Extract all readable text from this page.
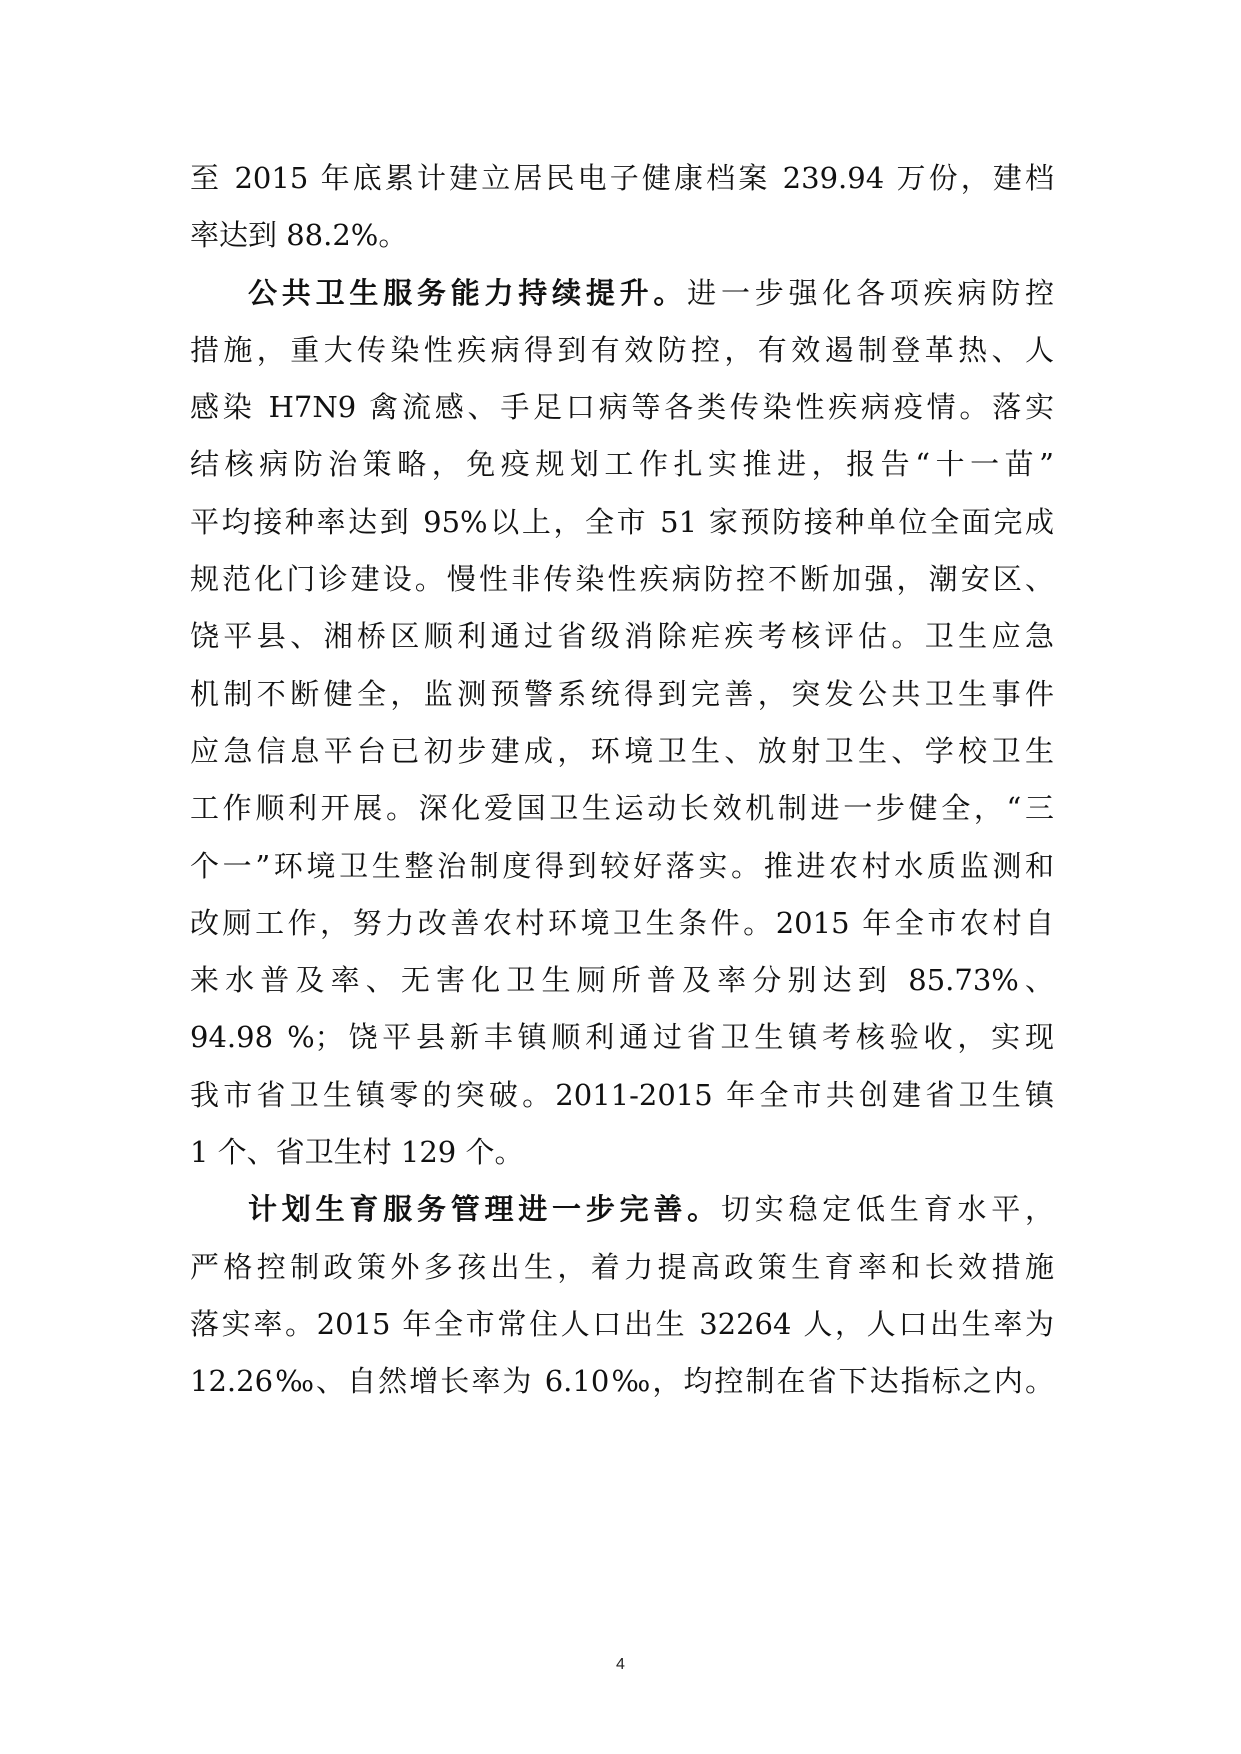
至 2015 年底累计建立居民电子健康档案 239.94 万份，建档
率达到 88.2%。
公共卫生服务能力持续提升。进一步强化各项疾病防控
措施，重大传染性疾病得到有效防控，有效遏制登革热、人
感染 H7N9 禽流感、手足口病等各类传染性疾病疫情。落实
结核病防治策略，免疫规划工作扎实推进，报告“十一苗”
平均接种率达到 95%以上，全市 51 家预防接种单位全面完成
规范化门诊建设。慢性非传染性疾病防控不断加强，潮安区、
饶平县、湘桥区顺利通过省级消除疟疾考核评估。卫生应急
机制不断健全，监测预警系统得到完善，突发公共卫生事件
应急信息平台已初步建成，环境卫生、放射卫生、学校卫生
工作顺利开展。深化爱国卫生运动长效机制进一步健全，“三
个一”环境卫生整治制度得到较好落实。推进农村水质监测和
改厕工作，努力改善农村环境卫生条件。2015 年全市农村自
来水普及率、无害化卫生厕所普及率分别达到 85.73%、
94.98 %；饶平县新丰镇顺利通过省卫生镇考核验收，实现
我市省卫生镇零的突破。2011-2015 年全市共创建省卫生镇
1 个、省卫生村 129 个。
计划生育服务管理进一步完善。切实稳定低生育水平，
严格控制政策外多孩出生，着力提高政策生育率和长效措施
落实率。2015 年全市常住人口出生 32264 人，人口出生率为
12.26‰、自然增长率为 6.10‰，均控制在省下达指标之内。
4
